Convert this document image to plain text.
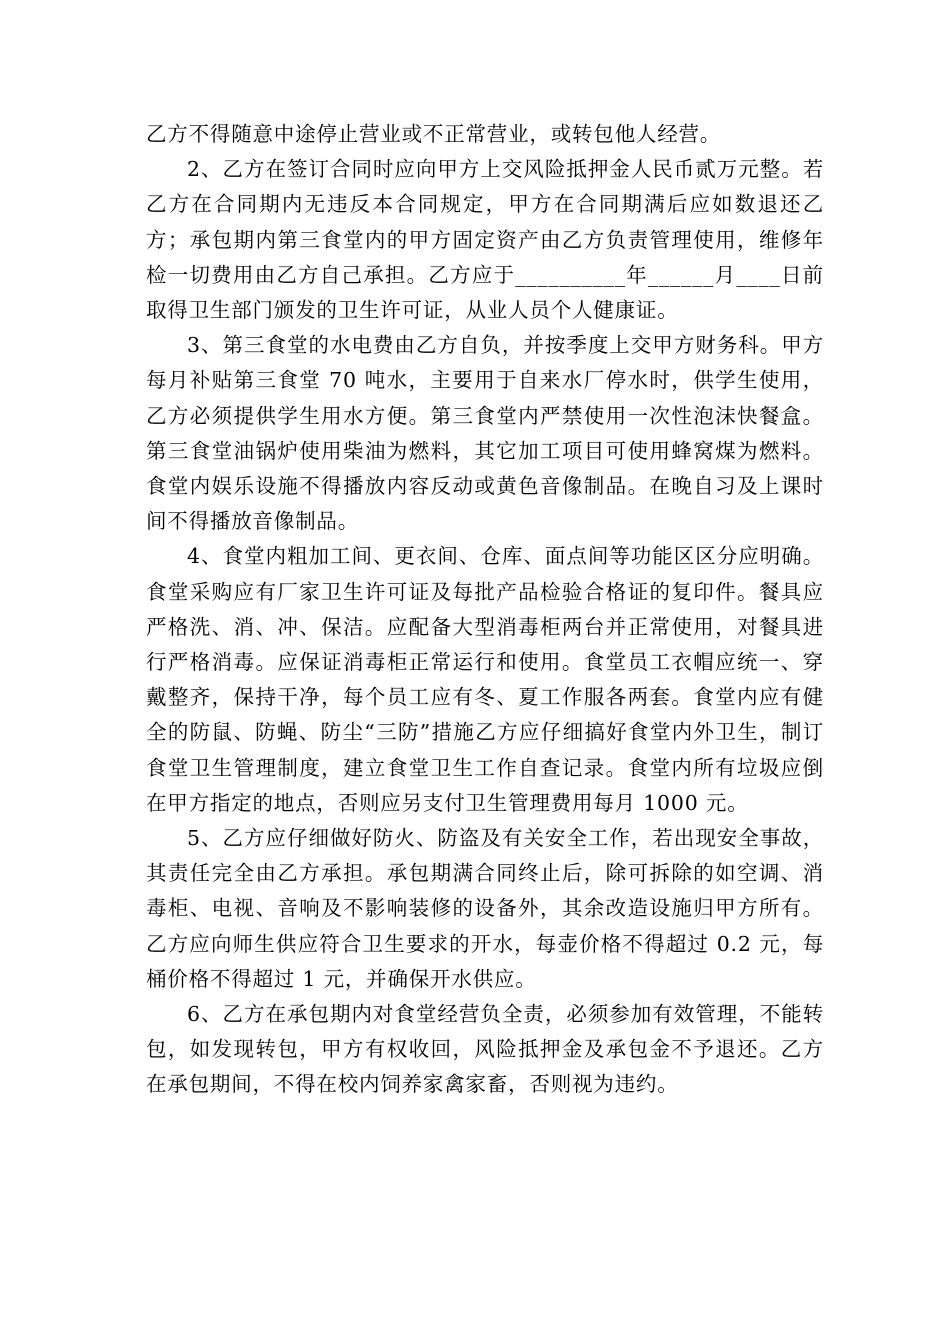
乙方不得随意中途停止营业或不正常营业，或转包他人经营。

2、乙方在签订合同时应向甲方上交风险抵押金人民币贰万元整。若乙方在合同期内无违反本合同规定，甲方在合同期满后应如数退还乙方；承包期内第三食堂内的甲方固定资产由乙方负责管理使用，维修年检一切费用由乙方自己承担。乙方应于__________年______月____日前取得卫生部门颁发的卫生许可证，从业人员个人健康证。

3、第三食堂的水电费由乙方自负，并按季度上交甲方财务科。甲方每月补贴第三食堂 70 吨水，主要用于自来水厂停水时，供学生使用，乙方必须提供学生用水方便。第三食堂内严禁使用一次性泡沫快餐盒。第三食堂油锅炉使用柴油为燃料，其它加工项目可使用蜂窝煤为燃料。食堂内娱乐设施不得播放内容反动或黄色音像制品。在晚自习及上课时间不得播放音像制品。

4、食堂内粗加工间、更衣间、仓库、面点间等功能区区分应明确。食堂采购应有厂家卫生许可证及每批产品检验合格证的复印件。餐具应严格洗、消、冲、保洁。应配备大型消毒柜两台并正常使用，对餐具进行严格消毒。应保证消毒柜正常运行和使用。食堂员工衣帽应统一、穿戴整齐，保持干净，每个员工应有冬、夏工作服各两套。食堂内应有健全的防鼠、防蝇、防尘“三防”措施乙方应仔细搞好食堂内外卫生，制订食堂卫生管理制度，建立食堂卫生工作自查记录。食堂内所有垃圾应倒在甲方指定的地点，否则应另支付卫生管理费用每月 1000 元。

5、乙方应仔细做好防火、防盗及有关安全工作，若出现安全事故，其责任完全由乙方承担。承包期满合同终止后，除可拆除的如空调、消毒柜、电视、音响及不影响装修的设备外，其余改造设施归甲方所有。乙方应向师生供应符合卫生要求的开水，每壶价格不得超过 0.2 元，每桶价格不得超过 1 元，并确保开水供应。

6、乙方在承包期内对食堂经营负全责，必须参加有效管理，不能转包，如发现转包，甲方有权收回，风险抵押金及承包金不予退还。乙方在承包期间，不得在校内饲养家禽家畜，否则视为违约。
